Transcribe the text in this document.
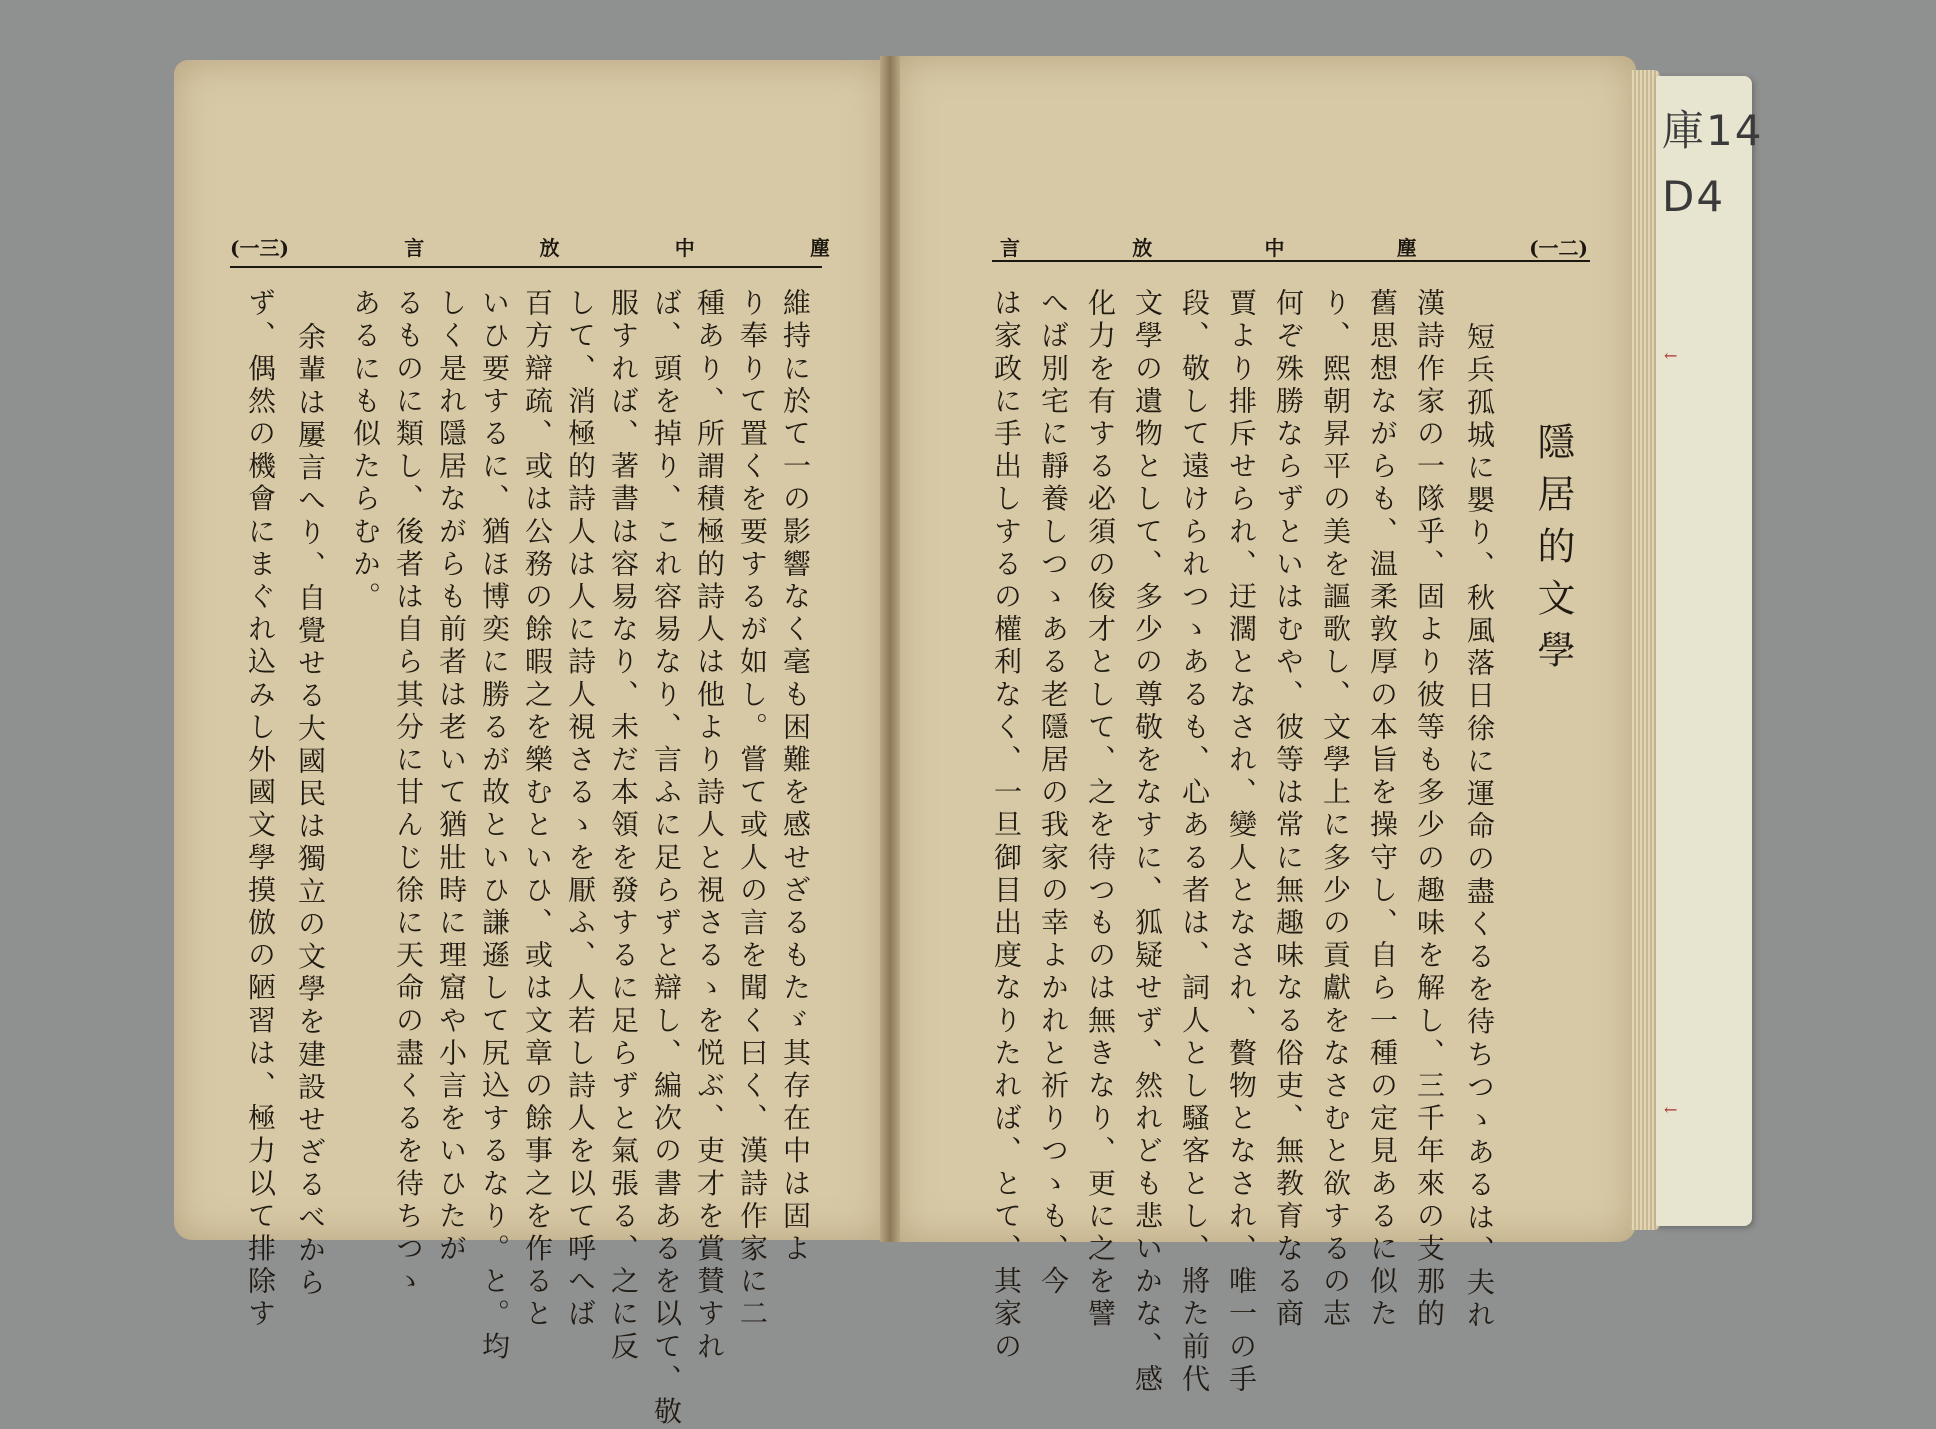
庫14
D4
←
←
(一三)	言	放	中	塵	言	放	中	塵	(一二)
維持に於て一の影響なく毫も困難を感せざるもたゞ其存在中は固よ
り奉りて置くを要するが如し。嘗て或人の言を聞く曰く、漢詩作家に二
種あり、所謂積極的詩人は他より詩人と視さるゝを悦ぶ、吏才を賞賛すれ
ば、頭を掉り、これ容易なり、言ふに足らずと辯し、編次の書あるを以て、敬
服すれば、著書は容易なり、未だ本領を發するに足らずと氣張る、之に反
して、消極的詩人は人に詩人視さるゝを厭ふ、人若し詩人を以て呼へば
百方辯疏、或は公務の餘暇之を樂むといひ、或は文章の餘事之を作ると
いひ要するに、猶ほ博奕に勝るが故といひ謙遜して尻込するなり。と。均
しく是れ隱居ながらも前者は老いて猶壯時に理窟や小言をいひたが
るものに類し、後者は自ら其分に甘んじ徐に天命の盡くるを待ちつゝ
あるにも似たらむか。
余輩は屢言へり、自覺せる大國民は獨立の文學を建設せざるべから
ず、偶然の機會にまぐれ込みし外國文學摸倣の陋習は、極力以て排除す	隱居的文學
短兵孤城に嬰り、秋風落日徐に運命の盡くるを待ちつゝあるは、夫れ
漢詩作家の一隊乎、固より彼等も多少の趣味を解し、三千年來の支那的
舊思想ながらも、温柔敦厚の本旨を操守し、自ら一種の定見あるに似た
り、熙朝昇平の美を謳歌し、文學上に多少の貢獻をなさむと欲するの志
何ぞ殊勝ならずといはむや、彼等は常に無趣味なる俗吏、無教育なる商
賈より排斥せられ、迂濶となされ、變人となされ、贅物となされ、唯一の手
段、敬して遠けられつゝあるも、心ある者は、詞人とし騷客とし、將た前代
文學の遺物として、多少の尊敬をなすに、狐疑せず、然れども悲いかな、感
化力を有する必須の俊才として、之を待つものは無きなり、更に之を譬
へば別宅に靜養しつゝある老隱居の我家の幸よかれと祈りつゝも、今
は家政に手出しするの權利なく、一旦御目出度なりたれば、とて、其家の
